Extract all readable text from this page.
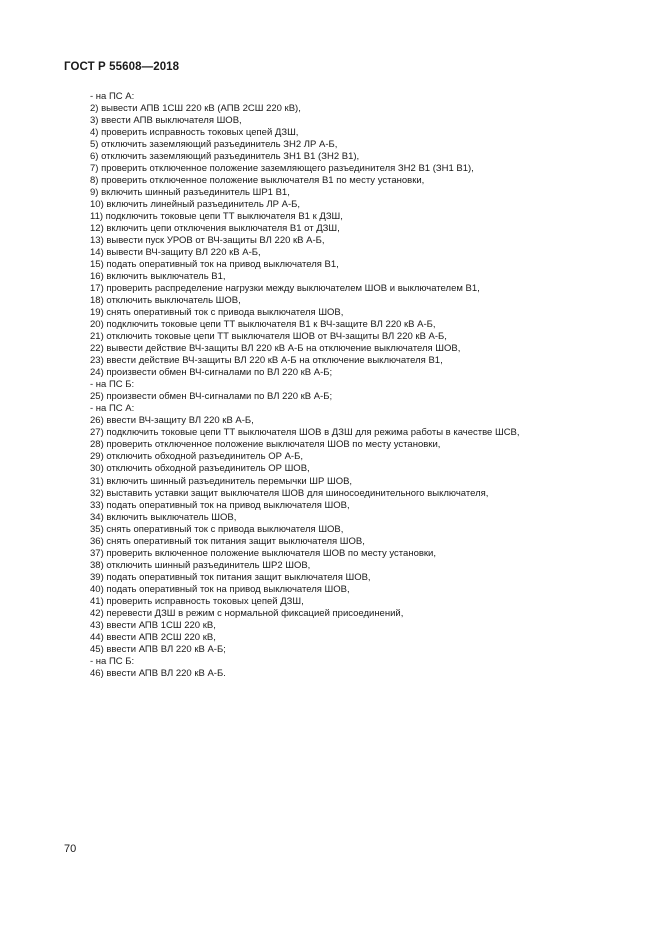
ГОСТ Р 55608—2018
- на ПС А:
2) вывести АПВ 1СШ 220 кВ (АПВ 2СШ 220 кВ),
3) ввести АПВ выключателя ШОВ,
4) проверить исправность токовых цепей ДЗШ,
5) отключить заземляющий разъединитель ЗН2 ЛР А-Б,
6) отключить заземляющий разъединитель ЗН1 В1 (ЗН2 В1),
7) проверить отключенное положение заземляющего разъединителя ЗН2 В1 (ЗН1 В1),
8) проверить отключенное положение выключателя В1 по месту установки,
9) включить шинный разъединитель ШР1 В1,
10) включить линейный разъединитель ЛР А-Б,
11) подключить токовые цепи ТТ выключателя В1 к ДЗШ,
12) включить цепи отключения выключателя В1 от ДЗШ,
13) вывести пуск УРОВ от ВЧ-защиты ВЛ 220 кВ А-Б,
14) вывести ВЧ-защиту ВЛ 220 кВ А-Б,
15) подать оперативный ток на привод выключателя В1,
16) включить выключатель В1,
17) проверить распределение нагрузки между выключателем ШОВ и выключателем В1,
18) отключить выключатель ШОВ,
19) снять оперативный ток с привода выключателя ШОВ,
20) подключить токовые цепи ТТ выключателя В1 к ВЧ-защите ВЛ 220 кВ А-Б,
21) отключить токовые цепи ТТ выключателя ШОВ от ВЧ-защиты ВЛ 220 кВ А-Б,
22) вывести действие ВЧ-защиты ВЛ 220 кВ А-Б на отключение выключателя ШОВ,
23) ввести действие ВЧ-защиты ВЛ 220 кВ А-Б на отключение выключателя В1,
24) произвести обмен ВЧ-сигналами по ВЛ 220 кВ А-Б;
- на ПС Б:
25) произвести обмен ВЧ-сигналами по ВЛ 220 кВ А-Б;
- на ПС А:
26) ввести ВЧ-защиту ВЛ 220 кВ А-Б,
27) подключить токовые цепи ТТ выключателя ШОВ в ДЗШ для режима работы в качестве ШСВ,
28) проверить отключенное положение выключателя ШОВ по месту установки,
29) отключить обходной разъединитель ОР А-Б,
30) отключить обходной разъединитель ОР ШОВ,
31) включить шинный разъединитель перемычки ШР ШОВ,
32) выставить уставки защит выключателя ШОВ для шиносоединительного выключателя,
33) подать оперативный ток на привод выключателя ШОВ,
34) включить выключатель ШОВ,
35) снять оперативный ток с привода выключателя ШОВ,
36) снять оперативный ток питания защит выключателя ШОВ,
37) проверить включенное положение выключателя ШОВ по месту установки,
38) отключить шинный разъединитель ШР2 ШОВ,
39) подать оперативный ток питания защит выключателя ШОВ,
40) подать оперативный ток на привод выключателя ШОВ,
41) проверить исправность токовых цепей ДЗШ,
42) перевести ДЗШ в режим с нормальной фиксацией присоединений,
43) ввести АПВ 1СШ 220 кВ,
44) ввести АПВ 2СШ 220 кВ,
45) ввести АПВ ВЛ 220 кВ А-Б;
- на ПС Б:
46) ввести АПВ ВЛ 220 кВ А-Б.
70
